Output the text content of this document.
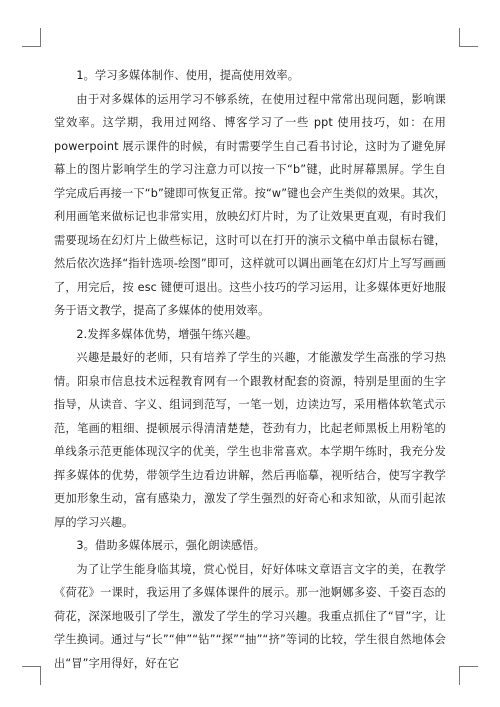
1。学习多媒体制作、使用，提高使用效率。

由于对多媒体的运用学习不够系统，在使用过程中常常出现问题，影响课堂效率。这学期，我用过网络、博客学习了一些 ppt 使用技巧，如：在用 powerpoint 展示课件的时候，有时需要学生自己看书讨论，这时为了避免屏幕上的图片影响学生的学习注意力可以按一下“b”键，此时屏幕黑屏。学生自学完成后再接一下“b”键即可恢复正常。按“w”键也会产生类似的效果。其次，利用画笔来做标记也非常实用，放映幻灯片时，为了让效果更直观，有时我们需要现场在幻灯片上做些标记，这时可以在打开的演示文稿中单击鼠标右键，然后依次选择“指针选项-绘图”即可，这样就可以调出画笔在幻灯片上写写画画了，用完后，按 esc 键便可退出。这些小技巧的学习运用，让多媒体更好地服务于语文教学，提高了多媒体的使用效率。

2.发挥多媒体优势，增强午练兴趣。

兴趣是最好的老师，只有培养了学生的兴趣，才能激发学生高涨的学习热情。阳泉市信息技术远程教育网有一个跟教材配套的资源，特别是里面的生字指导，从读音、字义、组词到范写，一笔一划，边读边写，采用楷体软笔式示范，笔画的粗细、提顿展示得清清楚楚，苍劲有力，比起老师黑板上用粉笔的单线条示范更能体现汉字的优美，学生也非常喜欢。本学期午练时，我充分发挥多媒体的优势，带领学生边看边讲解，然后再临摹，视听结合，使写字教学更加形象生动，富有感染力，激发了学生强烈的好奇心和求知欲，从而引起浓厚的学习兴趣。

3。借助多媒体展示，强化朗读感悟。

为了让学生能身临其境，赏心悦目，好好体味文章语言文字的美，在教学《荷花》一课时，我运用了多媒体课件的展示。那一池婀娜多姿、千姿百态的荷花，深深地吸引了学生，激发了学生的学习兴趣。我重点抓住了“冒”字，让学生换词。通过与“长”“伸”“钻”“探”“抽”“挤”等词的比较，学生很自然地体会出“冒”字用得好，好在它
